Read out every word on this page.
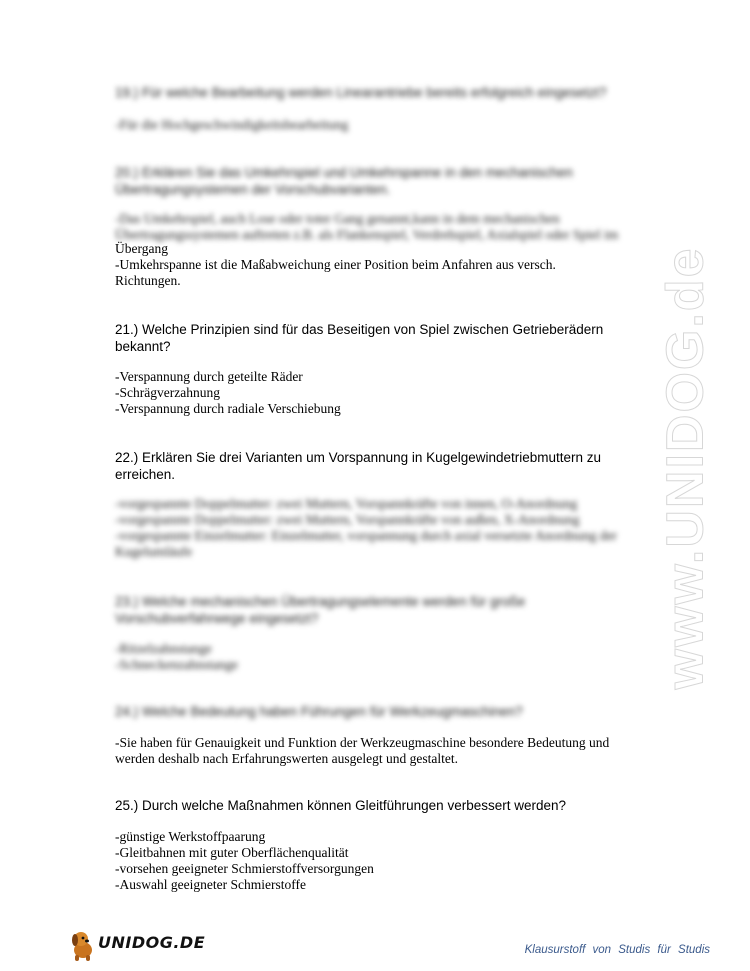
19.) Für welche Bearbeitung werden Linearantriebe bereits erfolgreich eingesetzt?
-Für die Hochgeschwindigkeitsbearbeitung
20.) Erklären Sie das Umkehrspiel und Umkehrspanne in den mechanischen
Übertragungsystemen der Vorschubvarianten.
-Das Umkehrspiel, auch Lose oder toter Gang genannt,kann in dem mechanischen
Übertragungssystemen auftreten z.B. als Flankenspiel, Verdrehspiel, Axialspiel oder Spiel im
Übergang
-Umkehrspanne ist die Maßabweichung einer Position beim Anfahren aus versch.
Richtungen.
21.) Welche Prinzipien sind für das Beseitigen von Spiel zwischen Getrieberädern
bekannt?
-Verspannung durch geteilte Räder
-Schrägverzahnung
-Verspannung durch radiale Verschiebung
22.) Erklären Sie drei Varianten um Vorspannung in Kugelgewindetriebmuttern zu
erreichen.
-vorgespannte Doppelmutter: zwei Muttern, Vorspannkräfte von innen, O-Anordnung
-vorgespannte Doppelmutter: zwei Muttern, Vorspannkräfte von außen, X-Anordnung
-vorgespannte Einzelmutter: Einzelmutter, vorspannung durch axial versetzte Anordnung der
Kugelumläufe
23.) Welche mechanischen Übertragungselemente werden für große
Vorschubverfahrwege eingesetzt?
-Ritzelzahnstange
-Schneckenzahnstange
24.) Welche Bedeutung haben Führungen für Werkzeugmaschinen?
-Sie haben für Genauigkeit und Funktion der Werkzeugmaschine besondere Bedeutung und
werden deshalb nach Erfahrungswerten ausgelegt und gestaltet.
25.) Durch welche Maßnahmen können Gleitführungen verbessert werden?
-günstige Werkstoffpaarung
-Gleitbahnen mit guter Oberflächenqualität
-vorsehen geeigneter Schmierstoffversorgungen
-Auswahl geeigneter Schmierstoffe
www.UNIDOG.de
UNIDOG.DE	Klausurstoff von Studis für Studis
